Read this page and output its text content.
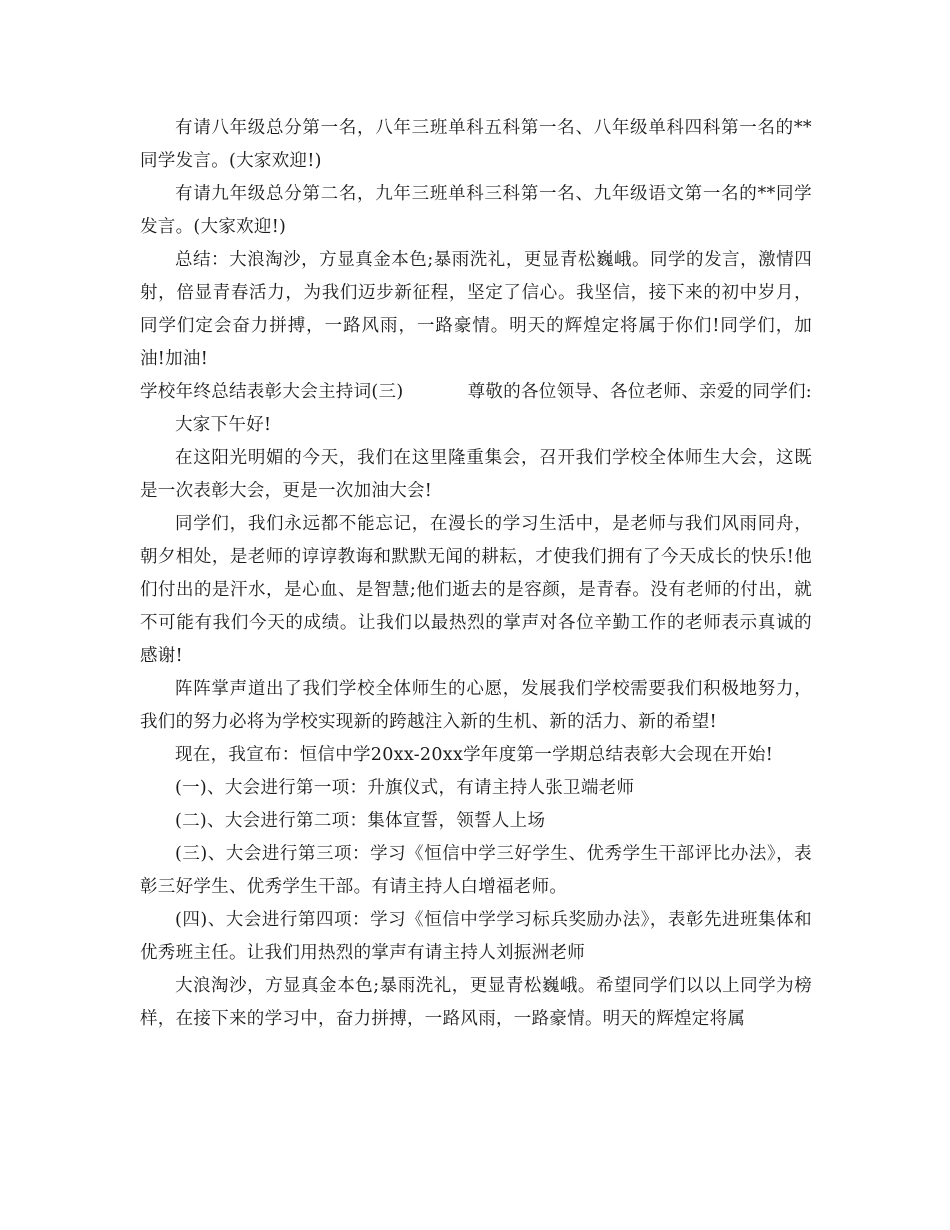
有请八年级总分第一名，八年三班单科五科第一名、八年级单科四科第一名的**同学发言。(大家欢迎!)

有请九年级总分第二名，九年三班单科三科第一名、九年级语文第一名的**同学发言。(大家欢迎!)

总结：大浪淘沙，方显真金本色;暴雨洗礼，更显青松巍峨。同学的发言，激情四射，倍显青春活力，为我们迈步新征程，坚定了信心。我坚信，接下来的初中岁月，同学们定会奋力拼搏，一路风雨，一路豪情。明天的辉煌定将属于你们!同学们，加油!加油!

学校年终总结表彰大会主持词(三)	尊敬的各位领导、各位老师、亲爱的同学们:

大家下午好!

在这阳光明媚的今天，我们在这里隆重集会，召开我们学校全体师生大会，这既是一次表彰大会，更是一次加油大会!

同学们，我们永远都不能忘记，在漫长的学习生活中，是老师与我们风雨同舟，朝夕相处，是老师的谆谆教诲和默默无闻的耕耘，才使我们拥有了今天成长的快乐!他们付出的是汗水，是心血、是智慧;他们逝去的是容颜，是青春。没有老师的付出，就不可能有我们今天的成绩。让我们以最热烈的掌声对各位辛勤工作的老师表示真诚的感谢!

阵阵掌声道出了我们学校全体师生的心愿，发展我们学校需要我们积极地努力，我们的努力必将为学校实现新的跨越注入新的生机、新的活力、新的希望!

现在，我宣布：恒信中学20xx-20xx学年度第一学期总结表彰大会现在开始!

(一)、大会进行第一项：升旗仪式，有请主持人张卫端老师

(二)、大会进行第二项：集体宣誓，领誓人上场

(三)、大会进行第三项：学习《恒信中学三好学生、优秀学生干部评比办法》，表彰三好学生、优秀学生干部。有请主持人白增福老师。

(四)、大会进行第四项：学习《恒信中学学习标兵奖励办法》，表彰先进班集体和优秀班主任。让我们用热烈的掌声有请主持人刘振洲老师

大浪淘沙，方显真金本色;暴雨洗礼，更显青松巍峨。希望同学们以以上同学为榜样，在接下来的学习中，奋力拼搏，一路风雨，一路豪情。明天的辉煌定将属
